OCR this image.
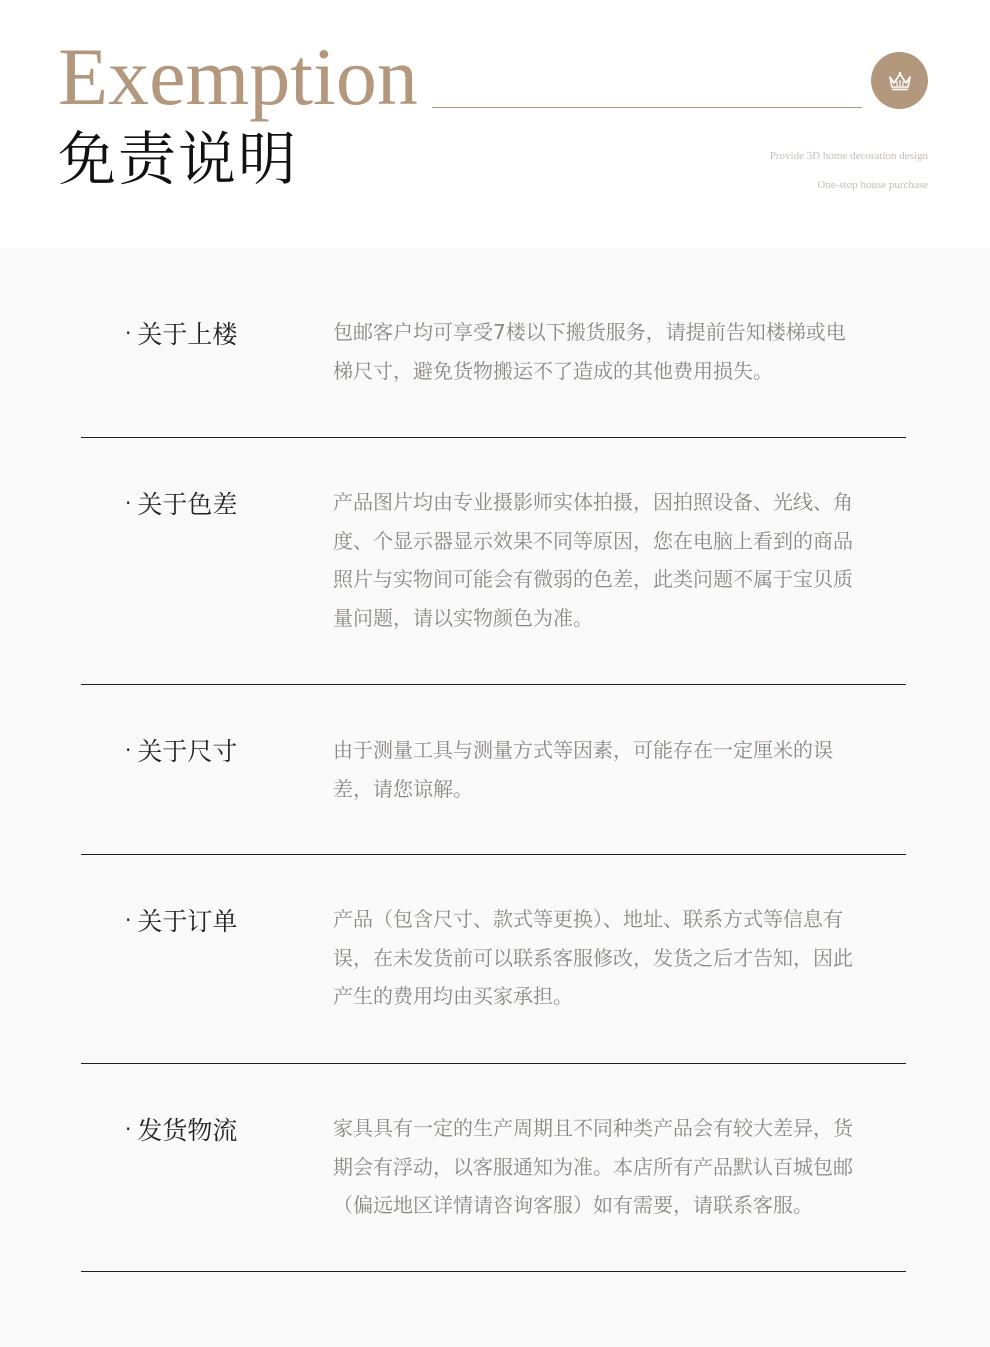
Exemption
免责说明	Provide 3D home decoration design
One-stop house purchase
· 关于上楼	包邮客户均可享受7楼以下搬货服务，请提前告知楼梯或电梯尺寸，避免货物搬运不了造成的其他费用损失。
· 关于色差	产品图片均由专业摄影师实体拍摄，因拍照设备、光线、角度、个显示器显示效果不同等原因，您在电脑上看到的商品照片与实物间可能会有微弱的色差，此类问题不属于宝贝质量问题，请以实物颜色为准。
· 关于尺寸	由于测量工具与测量方式等因素，可能存在一定厘米的误差，请您谅解。
· 关于订单	产品（包含尺寸、款式等更换）、地址、联系方式等信息有误，在未发货前可以联系客服修改，发货之后才告知，因此产生的费用均由买家承担。
· 发货物流	家具具有一定的生产周期且不同种类产品会有较大差异，货期会有浮动，以客服通知为准。本店所有产品默认百城包邮（偏远地区详情请咨询客服）如有需要，请联系客服。
